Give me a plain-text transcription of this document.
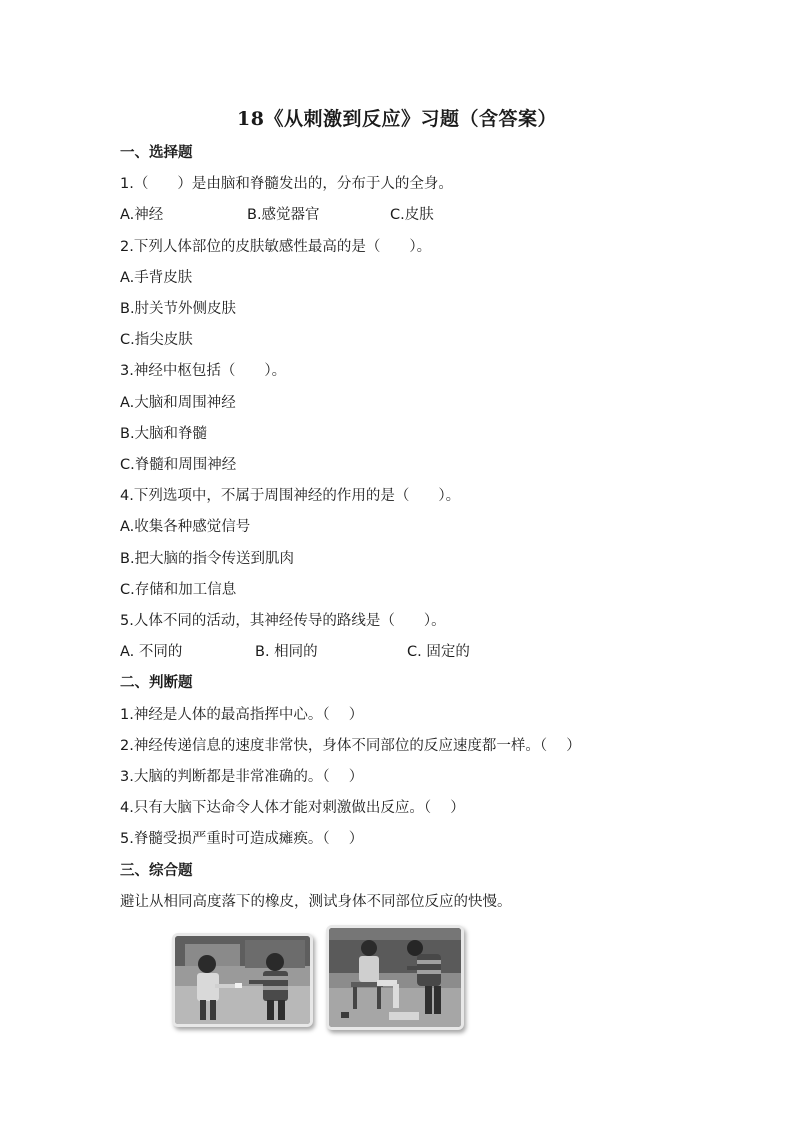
18《从刺激到反应》习题（含答案）
一、选择题
1.（　　）是由脑和脊髓发出的，分布于人的全身。
A.神经	B.感觉器官	C.皮肤
2.下列人体部位的皮肤敏感性最高的是（　　）。
A.手背皮肤
B.肘关节外侧皮肤
C.指尖皮肤
3.神经中枢包括（　　）。
A.大脑和周围神经
B.大脑和脊髓
C.脊髓和周围神经
4.下列选项中，不属于周围神经的作用的是（　　）。
A.收集各种感觉信号
B.把大脑的指令传送到肌肉
C.存储和加工信息
5.人体不同的活动，其神经传导的路线是（　　）。
A. 不同的	B. 相同的	C. 固定的
二、判断题
1.神经是人体的最高指挥中心。（　 ）
2.神经传递信息的速度非常快，身体不同部位的反应速度都一样。（　 ）
3.大脑的判断都是非常准确的。（　 ）
4.只有大脑下达命令人体才能对刺激做出反应。（　 ）
5.脊髓受损严重时可造成瘫痪。（　 ）
三、综合题
避让从相同高度落下的橡皮，测试身体不同部位反应的快慢。
